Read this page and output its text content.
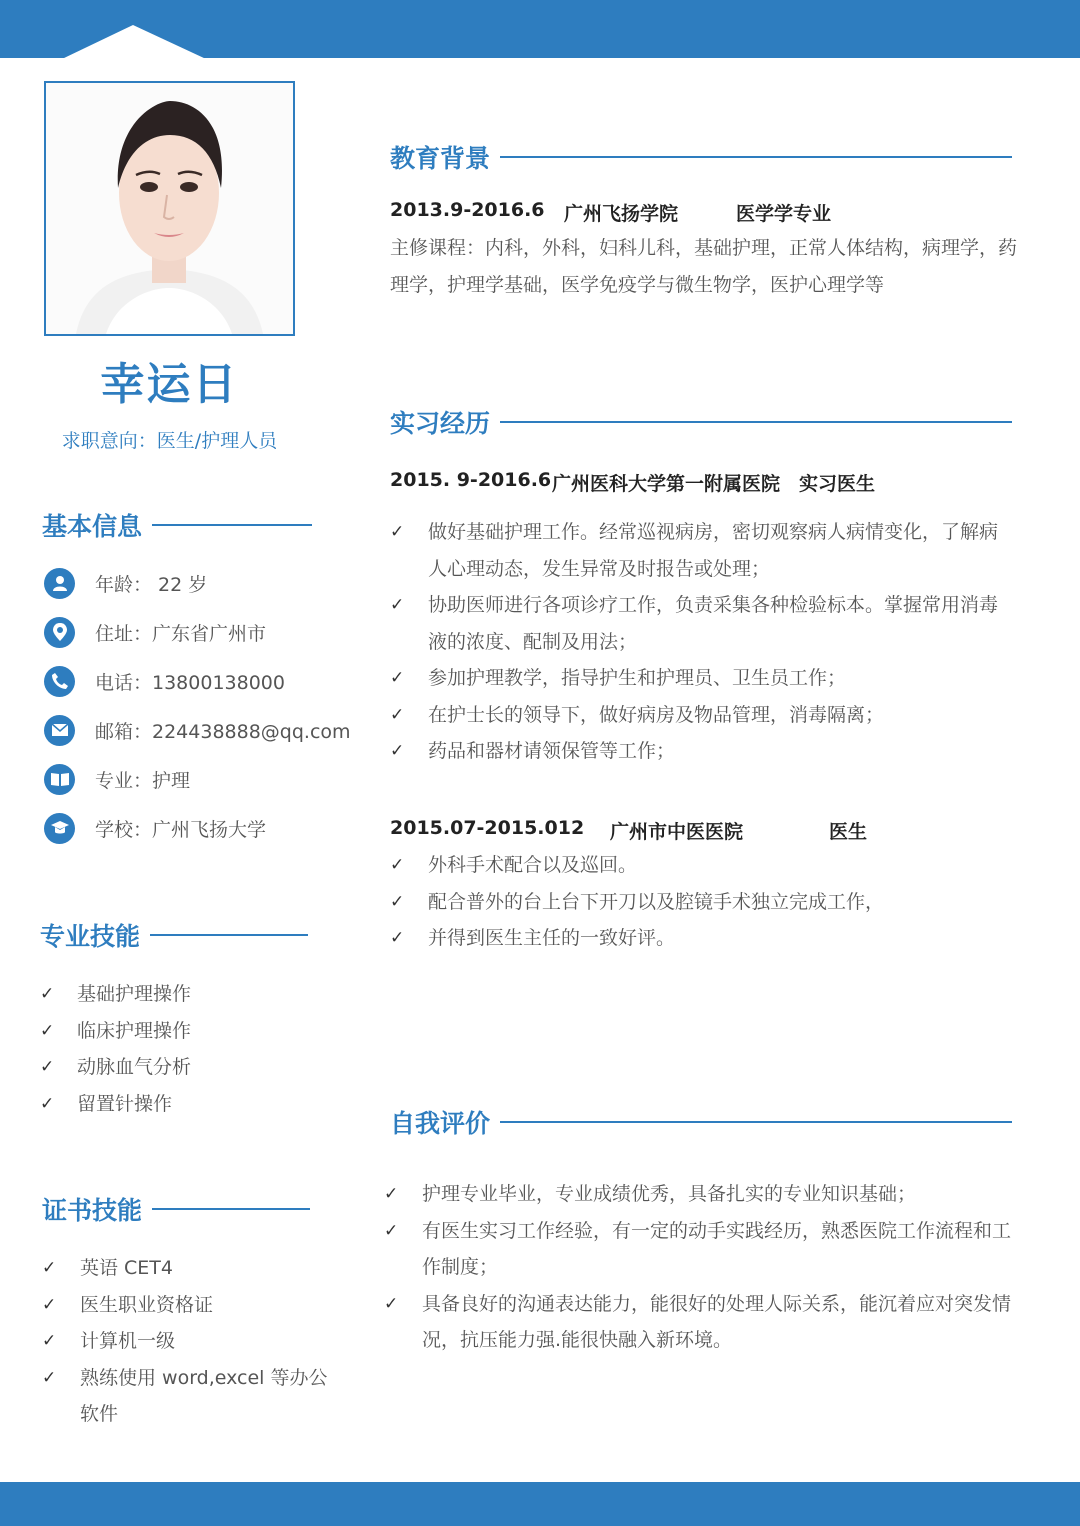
幸运日
求职意向：医生/护理人员
基本信息
年龄： 22 岁
住址：广东省广州市
电话：13800138000
邮箱：224438888@qq.com
专业：护理
学校：广州飞扬大学
专业技能
✓ 基础护理操作
✓ 临床护理操作
✓ 动脉血气分析
✓ 留置针操作
证书技能
✓ 英语 CET4
✓ 医生职业资格证
✓ 计算机一级
✓ 熟练使用 word,excel 等办公软件
教育背景
2013.9-2016.6 广州飞扬学院	医学学专业
主修课程：内科，外科，妇科儿科，基础护理，正常人体结构，病理学，药理学，护理学基础，医学免疫学与微生物学，医护心理学等
实习经历
2015. 9-2016.6 广州医科大学第一附属医院 实习医生
✓ 做好基础护理工作。经常巡视病房，密切观察病人病情变化，了解病人心理动态，发生异常及时报告或处理；
✓ 协助医师进行各项诊疗工作，负责采集各种检验标本。掌握常用消毒液的浓度、配制及用法；
✓ 参加护理教学，指导护生和护理员、卫生员工作；
✓ 在护士长的领导下，做好病房及物品管理，消毒隔离；
✓ 药品和器材请领保管等工作；
2015.07-2015.012 广州市中医医院	医生
✓ 外科手术配合以及巡回。
✓ 配合普外的台上台下开刀以及腔镜手术独立完成工作，
✓ 并得到医生主任的一致好评。
自我评价
✓ 护理专业毕业，专业成绩优秀，具备扎实的专业知识基础；
✓ 有医生实习工作经验，有一定的动手实践经历，熟悉医院工作流程和工作制度；
✓ 具备良好的沟通表达能力，能很好的处理人际关系，能沉着应对突发情况，抗压能力强.能很快融入新环境。
